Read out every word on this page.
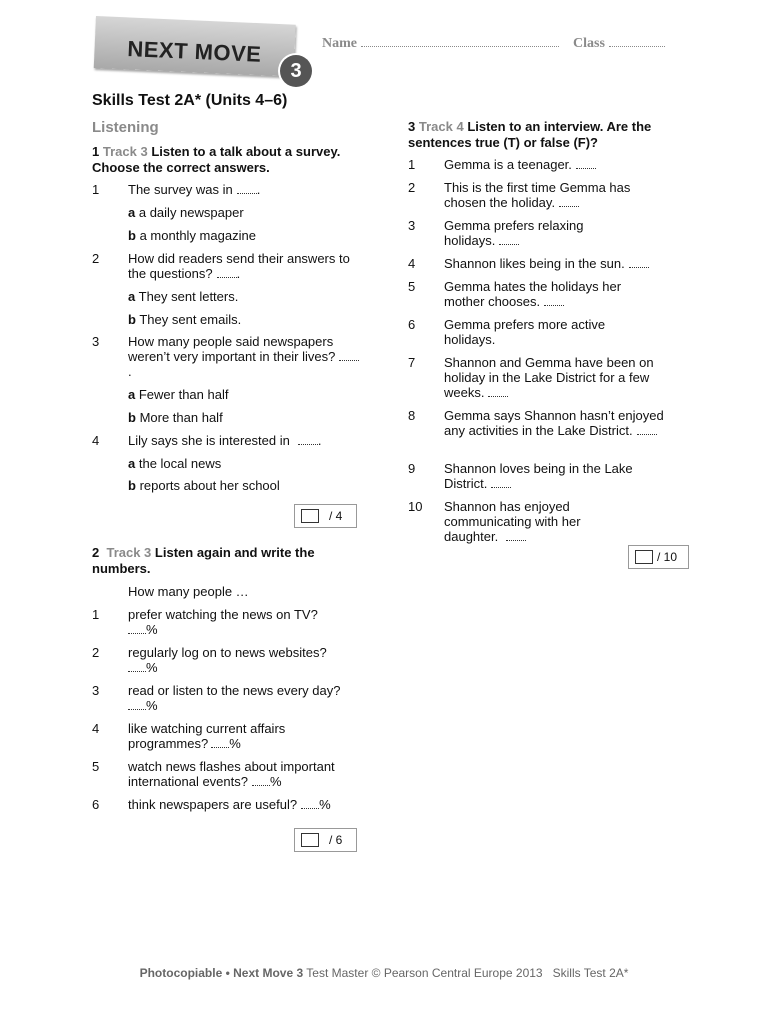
NEXT MOVE
3
Name	Class
Skills Test 2A* (Units 4–6)
Listening
1 Track 3 Listen to a talk about a survey. Choose the correct answers.
1 The survey was in .
a a daily newspaper
b a monthly magazine
2 How did readers send their answers to the questions? .
a They sent letters.
b They sent emails.
3 How many people said newspapers weren’t very important in their lives?.
a Fewer than half
b More than half
4 Lily says she is interested in .
a the local news
b reports about her school
/ 4
2 Track 3 Listen again and write the numbers.
How many people …
1 prefer watching the news on TV?
%
2 regularly log on to news websites?
%
3 read or listen to the news every day?
%
4 like watching current affairs programmes? %
5 watch news flashes about important international events? %
6 think newspapers are useful? %
/ 6
3 Track 4 Listen to an interview. Are the sentences true (T) or false (F)?
1 Gemma is a teenager.
2 This is the first time Gemma has chosen the holiday.
3 Gemma prefers relaxing holidays.
4 Shannon likes being in the sun.
5 Gemma hates the holidays her mother chooses.
6 Gemma prefers more active holidays.
7 Shannon and Gemma have been on holiday in the Lake District for a few weeks.
8 Gemma says Shannon hasn’t enjoyed any activities in the Lake District.
9 Shannon loves being in the Lake District.
10 Shannon has enjoyed communicating with her daughter.
/ 10
Photocopiable • Next Move 3 Test Master © Pearson Central Europe 2013 Skills Test 2A*
